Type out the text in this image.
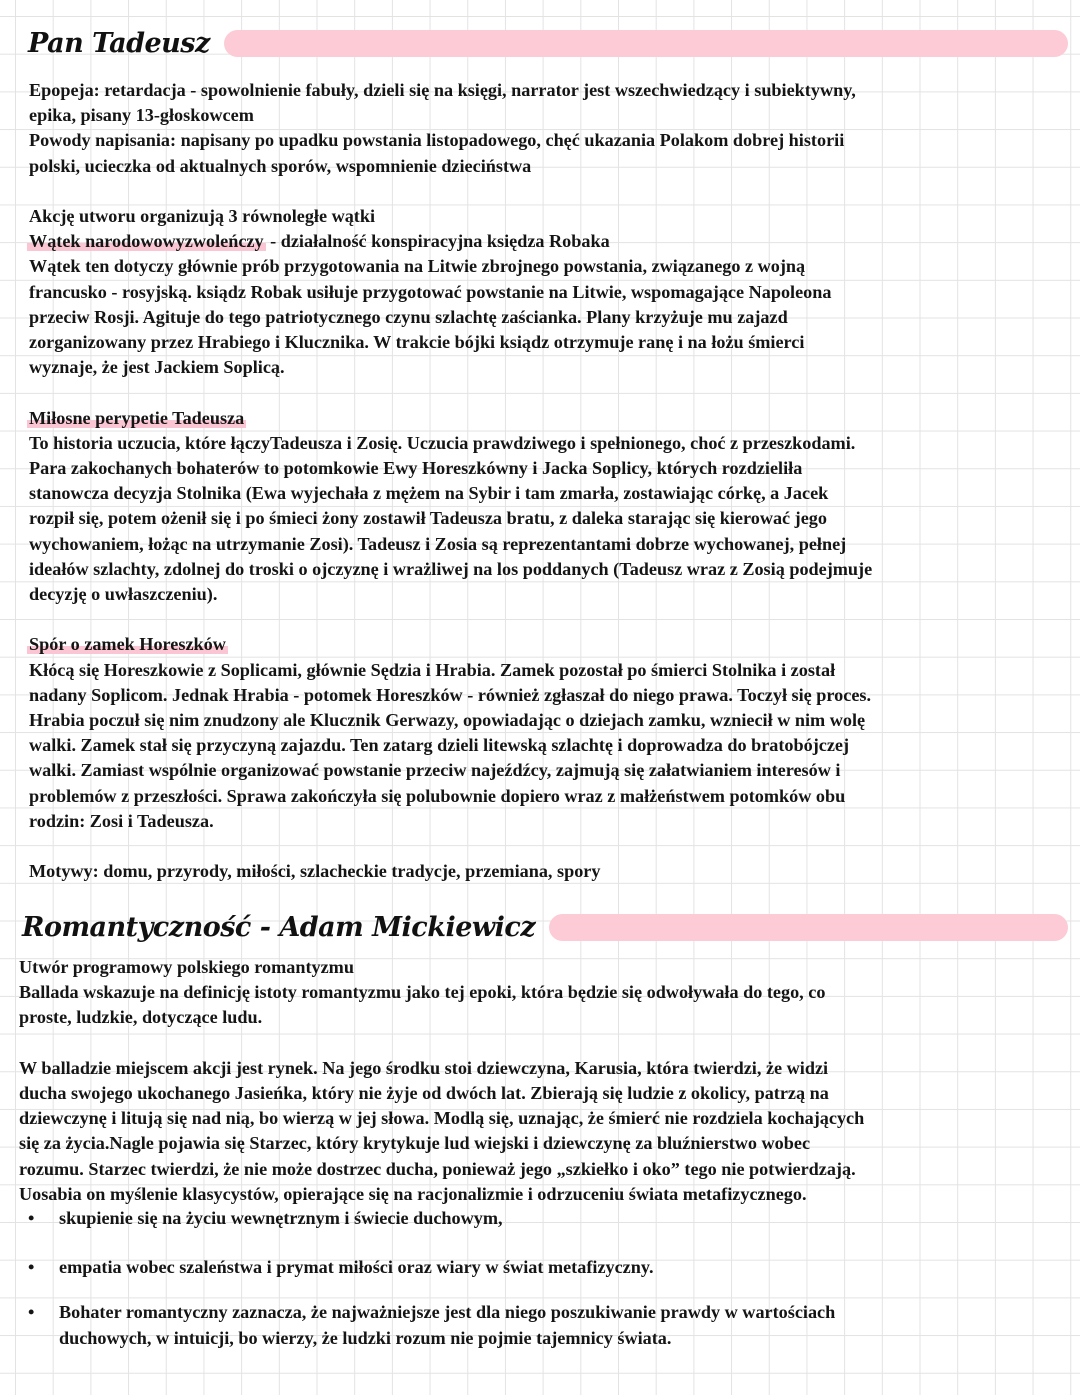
Pan Tadeusz
Epopeja: retardacja - spowolnienie fabuły, dzieli się na księgi, narrator jest wszechwiedzący i subiektywny,
epika, pisany 13-głoskowcem
Powody napisania: napisany po upadku powstania listopadowego, chęć ukazania Polakom dobrej historii
polski, ucieczka od aktualnych sporów, wspomnienie dzieciństwa
Akcję utworu organizują 3 równoległe wątki
Wątek narodowowyzwoleńczy - działalność konspiracyjna księdza Robaka
Wątek ten dotyczy głównie prób przygotowania na Litwie zbrojnego powstania, związanego z wojną
francusko - rosyjską. ksiądz Robak usiłuje przygotować powstanie na Litwie, wspomagające Napoleona
przeciw Rosji. Agituje do tego patriotycznego czynu szlachtę zaścianka. Plany krzyżuje mu zajazd
zorganizowany przez Hrabiego i Klucznika. W trakcie bójki ksiądz otrzymuje ranę i na łożu śmierci
wyznaje, że jest Jackiem Soplicą.
Miłosne perypetie Tadeusza
To historia uczucia, które łączyTadeusza i Zosię. Uczucia prawdziwego i spełnionego, choć z przeszkodami.
Para zakochanych bohaterów to potomkowie Ewy Horeszkówny i Jacka Soplicy, których rozdzieliła
stanowcza decyzja Stolnika (Ewa wyjechała z mężem na Sybir i tam zmarła, zostawiając córkę, a Jacek
rozpił się, potem ożenił się i po śmieci żony zostawił Tadeusza bratu, z daleka starając się kierować jego
wychowaniem, łożąc na utrzymanie Zosi). Tadeusz i Zosia są reprezentantami dobrze wychowanej, pełnej
ideałów szlachty, zdolnej do troski o ojczyznę i wrażliwej na los poddanych (Tadeusz wraz z Zosią podejmuje
decyzję o uwłaszczeniu).
Spór o zamek Horeszków
Kłócą się Horeszkowie z Soplicami, głównie Sędzia i Hrabia. Zamek pozostał po śmierci Stolnika i został
nadany Soplicom. Jednak Hrabia - potomek Horeszków - również zgłaszał do niego prawa. Toczył się proces.
Hrabia poczuł się nim znudzony ale Klucznik Gerwazy, opowiadając o dziejach zamku, wzniecił w nim wolę
walki. Zamek stał się przyczyną zajazdu. Ten zatarg dzieli litewską szlachtę i doprowadza do bratobójczej
walki. Zamiast wspólnie organizować powstanie przeciw najeźdźcy, zajmują się załatwianiem interesów i
problemów z przeszłości. Sprawa zakończyła się polubownie dopiero wraz z małżeństwem potomków obu
rodzin: Zosi i Tadeusza.
Motywy: domu, przyrody, miłości, szlacheckie tradycje, przemiana, spory
Romantyczność - Adam Mickiewicz
Utwór programowy polskiego romantyzmu
Ballada wskazuje na definicję istoty romantyzmu jako tej epoki, która będzie się odwoływała do tego, co
proste, ludzkie, dotyczące ludu.
W balladzie miejscem akcji jest rynek. Na jego środku stoi dziewczyna, Karusia, która twierdzi, że widzi
ducha swojego ukochanego Jasieńka, który nie żyje od dwóch lat. Zbierają się ludzie z okolicy, patrzą na
dziewczynę i litują się nad nią, bo wierzą w jej słowa. Modlą się, uznając, że śmierć nie rozdziela kochających
się za życia.Nagle pojawia się Starzec, który krytykuje lud wiejski i dziewczynę za bluźnierstwo wobec
rozumu. Starzec twierdzi, że nie może dostrzec ducha, ponieważ jego „szkiełko i oko” tego nie potwierdzają.
Uosabia on myślenie klasycystów, opierające się na racjonalizmie i odrzuceniu świata metafizycznego.
•	skupienie się na życiu wewnętrznym i świecie duchowym,
•	empatia wobec szaleństwa i prymat miłości oraz wiary w świat metafizyczny.
•	Bohater romantyczny zaznacza, że najważniejsze jest dla niego poszukiwanie prawdy w wartościach
duchowych, w intuicji, bo wierzy, że ludzki rozum nie pojmie tajemnicy świata.
